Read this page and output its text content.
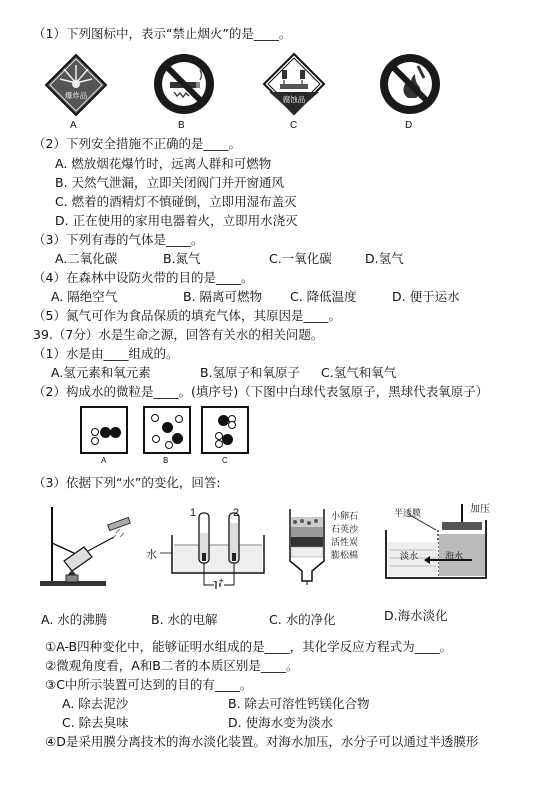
（1）下列图标中，表示“禁止烟火”的是____。
爆炸品
A	B
腐蚀品
C	D
（2）下列安全措施不正确的是____。
A. 燃放烟花爆竹时，远离人群和可燃物
B. 天然气泄漏，立即关闭阀门并开窗通风
C. 燃着的酒精灯不慎碰倒，立即用湿布盖灭
D. 正在使用的家用电器着火，立即用水浇灭
（3）下列有毒的气体是____。
A.二氧化碳	B.氮气	C.一氧化碳	D.氢气
（4）在森林中设防火带的目的是____。
A. 隔绝空气	B. 隔离可燃物 C. 降低温度	D. 便于运水
（5）氮气可作为食品保质的填充气体，其原因是____。
39.（7分）水是生命之源，回答有关水的相关问题。
（1）水是由____组成的。
A.氢元素和氧元素	B.氢原子和氧原子 C.氢气和氧气
（2）构成水的微粒是____。(填序号)（下图中白球代表氢原子，黑球代表氧原子）
A	B	C
（3）依据下列“水”的变化，回答:
1	2
水
- +
小卵石
石英沙
活性炭
膨松棉
半透膜	加压
淡水	海水
A. 水的沸腾	B. 水的电解	C. 水的净化	D.海水淡化
①A-B四种变化中，能够证明水组成的是____，其化学反应方程式为____。
②微观角度看，A和B二者的本质区别是____。
③C中所示装置可达到的目的有____。
A. 除去泥沙	B. 除去可溶性钙镁化合物
C. 除去臭味	D. 使海水变为淡水
④D是采用膜分离技术的海水淡化装置。对海水加压，水分子可以通过半透膜形
